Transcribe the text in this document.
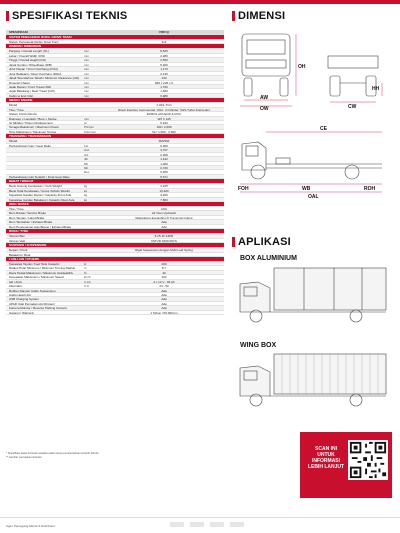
SPESIFIKASI TEKNIS	DIMENSI
SPESIFIKASI	FRR Q
SISTEM PENGGERAK RODA / DRIVE TRAIN
Sistem Penggerak Roda / Drive Train	4x2
DIMENSI / DIMENSION
Panjang / Overall Length (OL)	mm	8,625
Lebar / Overall Width (OW)	mm	2,280
Tinggi / Overall Height (OH)	mm	2,550
Jarak Sumbu / Wheelbase (WB)	mm	5,200
Julur Depan / Front Overhang (FOH)	mm	1,170
Julur Belakang / Rear Overhang (ROH)	mm	2,135
Jarak Terendah ke Tanah / Minimum Clearance (HH)	mm	230
Dimensi Chasis	mm	840 x 225 x 6
Jejak Depan / Front Tread (AW)	mm	1,760
Jejak Belakang / Rear Tread (CW)	mm	1,660
Cabin to End (CE)	mm	6,980
MESIN / ENGINE
Model	4 HK1-TCC
Tipe / Type	Direct Injection Commonrail, OHC, 4 Cylinder, VGS Turbo Intercooler
Sistem Kontrol Emisi	EURO4 with EGR & DOC
Diameter x Langkah / Bore x Stroke	mm	115 X 125
Isi Silinder / Piston Displacement	cc	5,193
Tenaga Maksimum / Maximum Power	PS/rpm	190 / 2,600
Torsi Maksimum / Maximum Torque	Kgm/rpm	52 / 1,600 - 2,600
TRANSMISI / TRANSMISSION
Model	MZZ6W
Perbandingan Gigi / Gear Ratio	1st	6,369
2nd	3,767
3rd	2,308
4th	1,442
5th	1,000
6th	0,726
Rev	6,369
Perbandingan Gigi Terakhir / Final Gear Ratio	5,571
BERAT / WEIGHT
Berat Kosong Kendaraan / Curb Weight	kg	3,225
Berat Total Kendaraan / Gross Vehicle Weight	kg	10,400
Kapasitas Gardan Depan / Capacity Front Axle	kg	3,200
Kapasitas Gardan Belakang / Capacity Rear Axle	kg	7,800
REM / BRAKE
Tipe / Type	AOH
Rem Rantai / Service Brake	Air Over Hydraulic
Rem Tangan / Hand Brake	Mekanisme Expanding di Transmisi Output
Rem Tambahan / Exhaust Brake	Ada
Rem Pengereman Gas Buang / Exhaust Brake	Ada
RODA / TYRE
Ukuran Ban	8.25-16-14PR
Ukuran Velg	6STUD 1600.00CS
SUSPENSI / SUSPENSION
Depan / Front	Rigid Suspension dengan Multi Leaf Spring
Belakang / Rear
LAIN-LAIN / OTHERS
Kapasitas Tangki / Fuel Tank Capacity	ltr	200
Radius Putar Minimum / Minimum Turning Radius	m	8.7
Daya Tanjak Maksimum / Maximum Gradeability	%	40
Kecepatan Maksimum / Maximum Speed	km/h	102
Aki / Accu	V-Ah	2 x 12 V - 65 Ah
Alternator	V-A	24 - 50
Rubber Damper Cabin Suspension	Ada
Audio Head Unit	Ada
USB Charging System	Ada
APAR (Alat Pemadam Api Ringan)	Ada
Kamera Mundur / Reverse Parking Camera	Ada
Garansi / Warranty	1 Tahun / 50,000 km
* Spesifikasi dapat berubah sewaktu-waktu tanpa pemberitahuan terlebih dahulu.
** Gambar merupakan ilustrasi.
OH
AW
OW	CW
HH
CE
FOH	WB	ROH
OAL
APLIKASI
BOX ALUMINIUM
WING BOX
SCAN INI UNTUK INFORMASI LEBIH LANJUT
Agen Pemegang Merek & Distributor:
